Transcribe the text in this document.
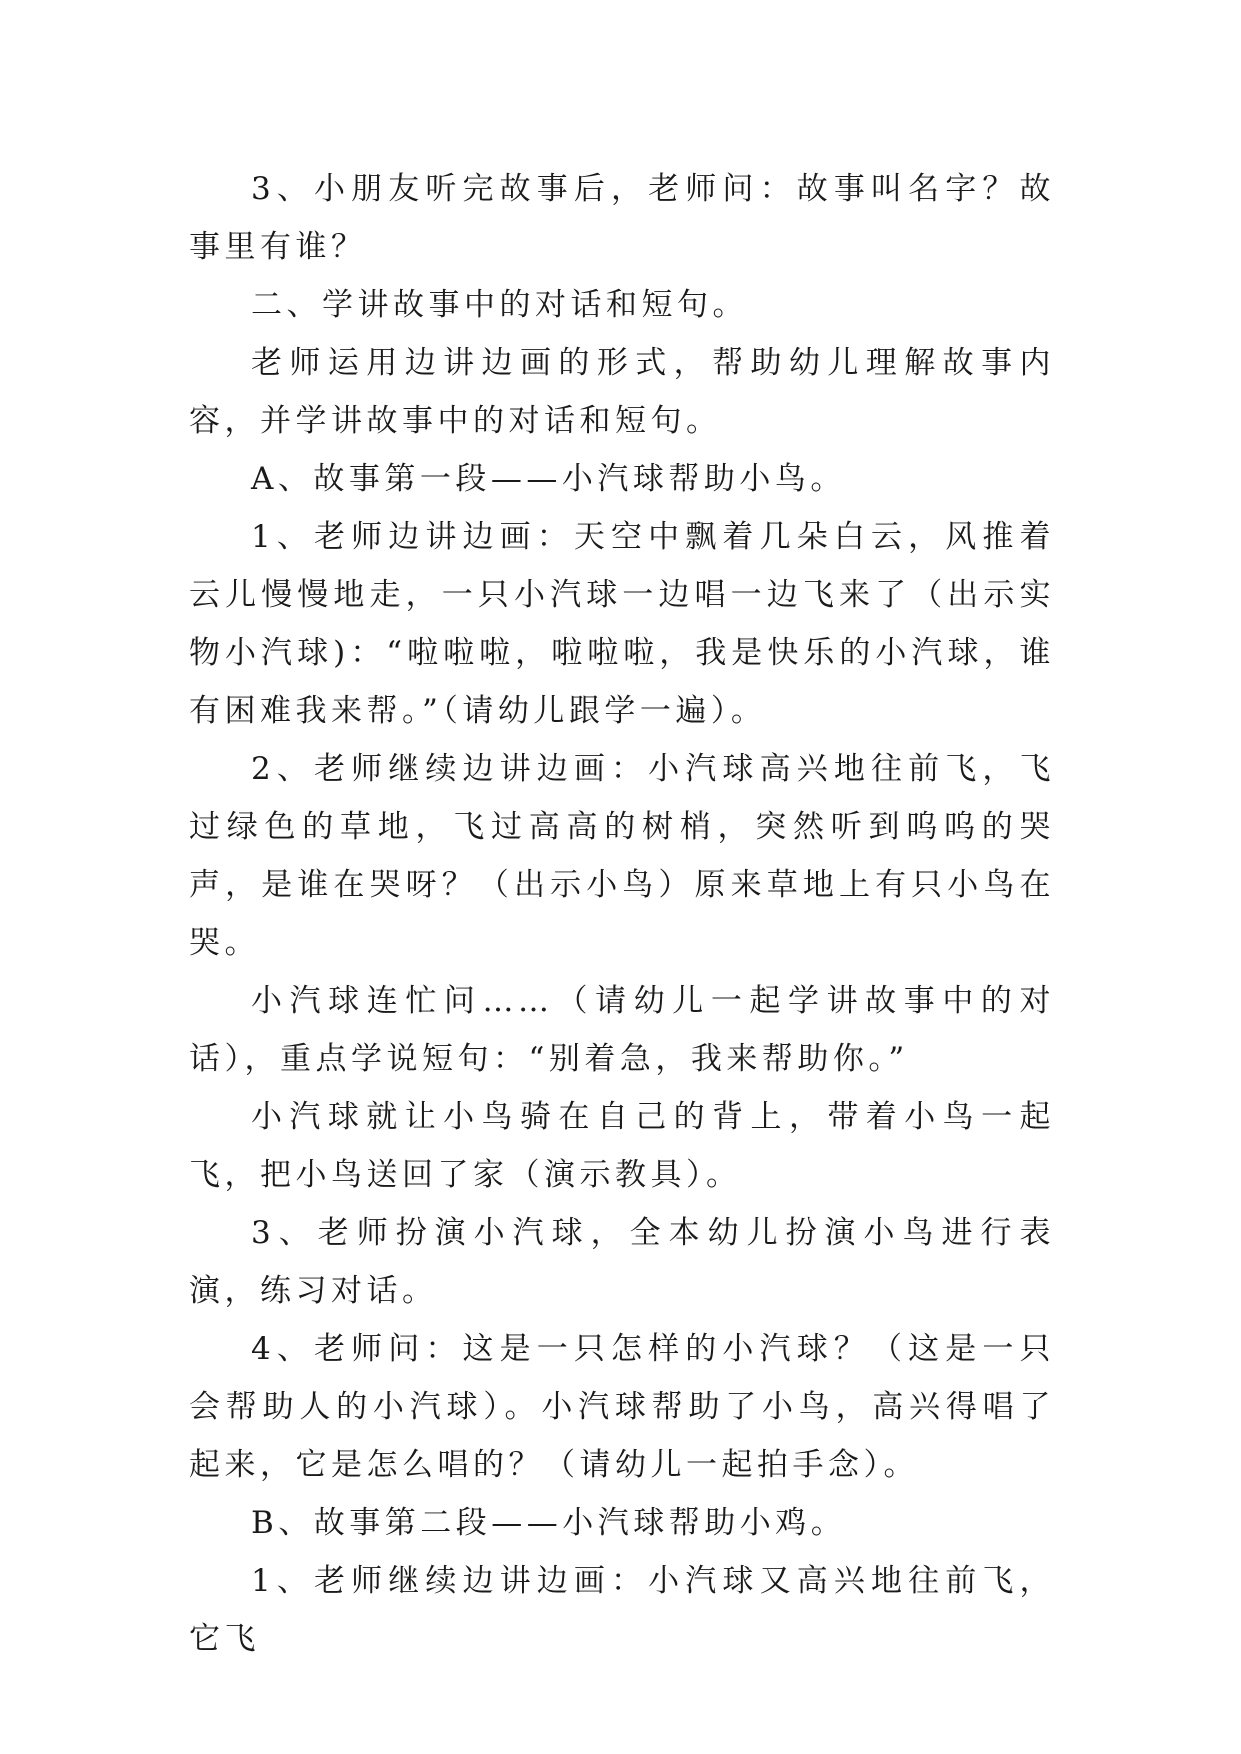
3、小朋友听完故事后，老师问：故事叫名字？故事里有谁？

二、学讲故事中的对话和短句。

老师运用边讲边画的形式，帮助幼儿理解故事内容，并学讲故事中的对话和短句。

A、故事第一段——小汽球帮助小鸟。

1、老师边讲边画：天空中飘着几朵白云，风推着云儿慢慢地走，一只小汽球一边唱一边飞来了（出示实物小汽球)：“啦啦啦，啦啦啦，我是快乐的小汽球，谁有困难我来帮。”（请幼儿跟学一遍）。

2、老师继续边讲边画：小汽球高兴地往前飞，飞过绿色的草地，飞过高高的树梢，突然听到呜呜的哭声，是谁在哭呀？（出示小鸟）原来草地上有只小鸟在哭。

小汽球连忙问……（请幼儿一起学讲故事中的对话），重点学说短句：“别着急，我来帮助你。”

小汽球就让小鸟骑在自己的背上，带着小鸟一起飞，把小鸟送回了家（演示教具）。

3、老师扮演小汽球，全本幼儿扮演小鸟进行表演，练习对话。

4、老师问：这是一只怎样的小汽球？（这是一只会帮助人的小汽球）。小汽球帮助了小鸟，高兴得唱了起来，它是怎么唱的？（请幼儿一起拍手念）。

B、故事第二段——小汽球帮助小鸡。

1、老师继续边讲边画：小汽球又高兴地往前飞，它飞
